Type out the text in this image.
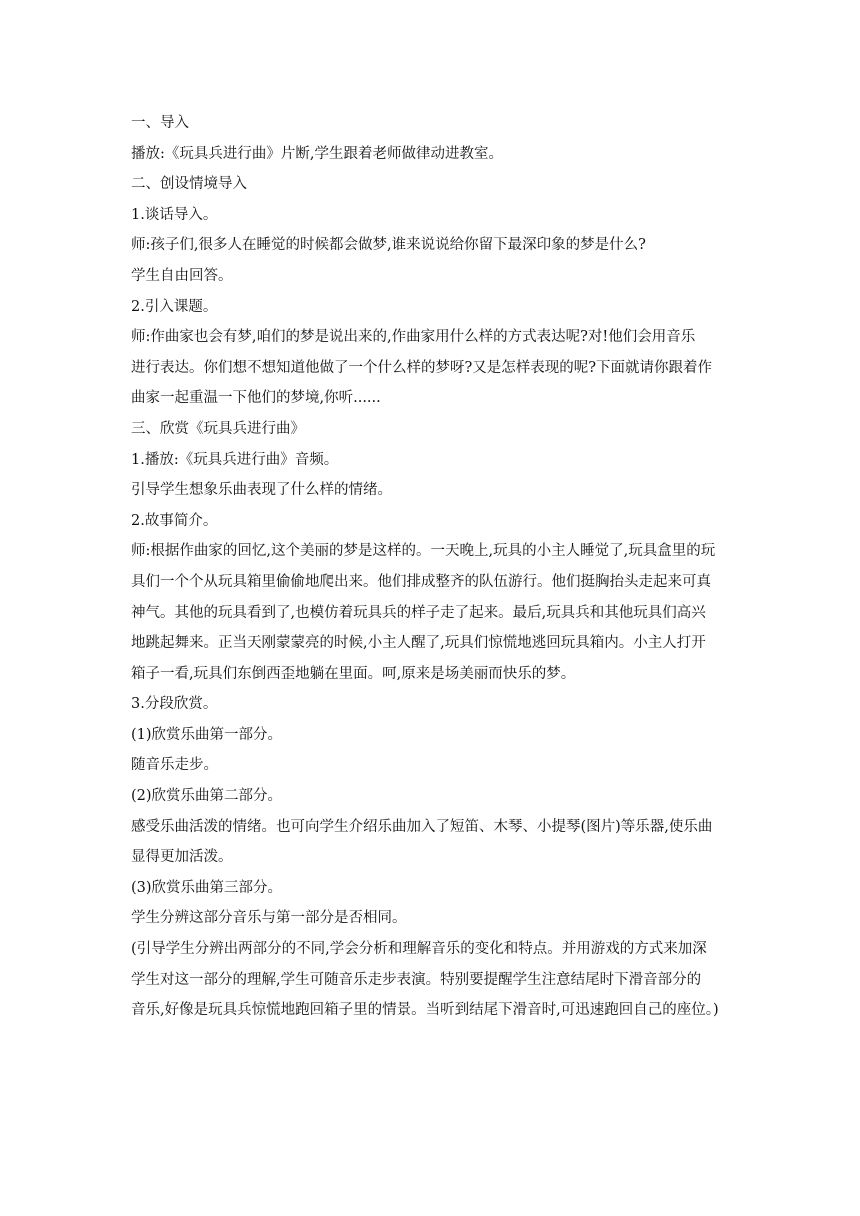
一、导入

播放:《玩具兵进行曲》片断,学生跟着老师做律动进教室。

二、创设情境导入

1.谈话导入。

师:孩子们,很多人在睡觉的时候都会做梦,谁来说说给你留下最深印象的梦是什么?

学生自由回答。

2.引入课题。

师:作曲家也会有梦,咱们的梦是说出来的,作曲家用什么样的方式表达呢?对!他们会用音乐

进行表达。你们想不想知道他做了一个什么样的梦呀?又是怎样表现的呢?下面就请你跟着作

曲家一起重温一下他们的梦境,你听......

三、欣赏《玩具兵进行曲》

1.播放:《玩具兵进行曲》音频。

引导学生想象乐曲表现了什么样的情绪。

2.故事简介。

师:根据作曲家的回忆,这个美丽的梦是这样的。一天晚上,玩具的小主人睡觉了,玩具盒里的玩

具们一个个从玩具箱里偷偷地爬出来。他们排成整齐的队伍游行。他们挺胸抬头走起来可真

神气。其他的玩具看到了,也模仿着玩具兵的样子走了起来。最后,玩具兵和其他玩具们高兴

地跳起舞来。正当天刚蒙蒙亮的时候,小主人醒了,玩具们惊慌地逃回玩具箱内。小主人打开

箱子一看,玩具们东倒西歪地躺在里面。呵,原来是场美丽而快乐的梦。

3.分段欣赏。

(1)欣赏乐曲第一部分。

随音乐走步。

(2)欣赏乐曲第二部分。

感受乐曲活泼的情绪。也可向学生介绍乐曲加入了短笛、木琴、小提琴(图片)等乐器,使乐曲

显得更加活泼。

(3)欣赏乐曲第三部分。

学生分辨这部分音乐与第一部分是否相同。

(引导学生分辨出两部分的不同,学会分析和理解音乐的变化和特点。并用游戏的方式来加深

学生对这一部分的理解,学生可随音乐走步表演。特别要提醒学生注意结尾时下滑音部分的

音乐,好像是玩具兵惊慌地跑回箱子里的情景。当听到结尾下滑音时,可迅速跑回自己的座位。)
